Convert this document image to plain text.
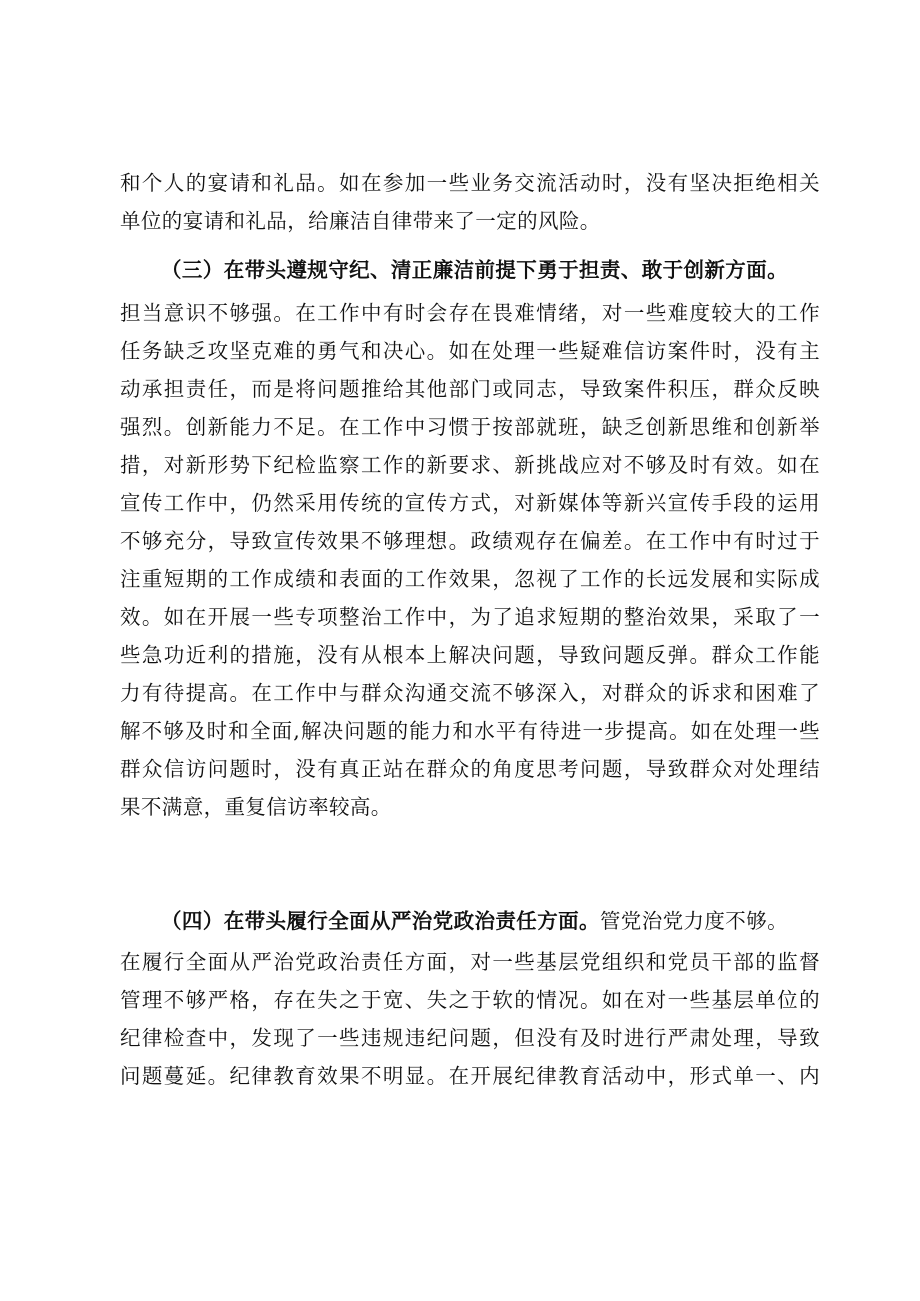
和个人的宴请和礼品。如在参加一些业务交流活动时，没有坚决拒绝相关
单位的宴请和礼品，给廉洁自律带来了一定的风险。
（三）在带头遵规守纪、清正廉洁前提下勇于担责、敢于创新方面。
担当意识不够强。在工作中有时会存在畏难情绪，对一些难度较大的工作
任务缺乏攻坚克难的勇气和决心。如在处理一些疑难信访案件时，没有主
动承担责任，而是将问题推给其他部门或同志，导致案件积压，群众反映
强烈。创新能力不足。在工作中习惯于按部就班，缺乏创新思维和创新举
措，对新形势下纪检监察工作的新要求、新挑战应对不够及时有效。如在
宣传工作中，仍然采用传统的宣传方式，对新媒体等新兴宣传手段的运用
不够充分，导致宣传效果不够理想。政绩观存在偏差。在工作中有时过于
注重短期的工作成绩和表面的工作效果，忽视了工作的长远发展和实际成
效。如在开展一些专项整治工作中，为了追求短期的整治效果，采取了一
些急功近利的措施，没有从根本上解决问题，导致问题反弹。群众工作能
力有待提高。在工作中与群众沟通交流不够深入，对群众的诉求和困难了
解不够及时和全面,解决问题的能力和水平有待进一步提高。如在处理一些
群众信访问题时，没有真正站在群众的角度思考问题，导致群众对处理结
果不满意，重复信访率较高。
（四）在带头履行全面从严治党政治责任方面。管党治党力度不够。
在履行全面从严治党政治责任方面，对一些基层党组织和党员干部的监督
管理不够严格，存在失之于宽、失之于软的情况。如在对一些基层单位的
纪律检查中，发现了一些违规违纪问题，但没有及时进行严肃处理，导致
问题蔓延。纪律教育效果不明显。在开展纪律教育活动中，形式单一、内
